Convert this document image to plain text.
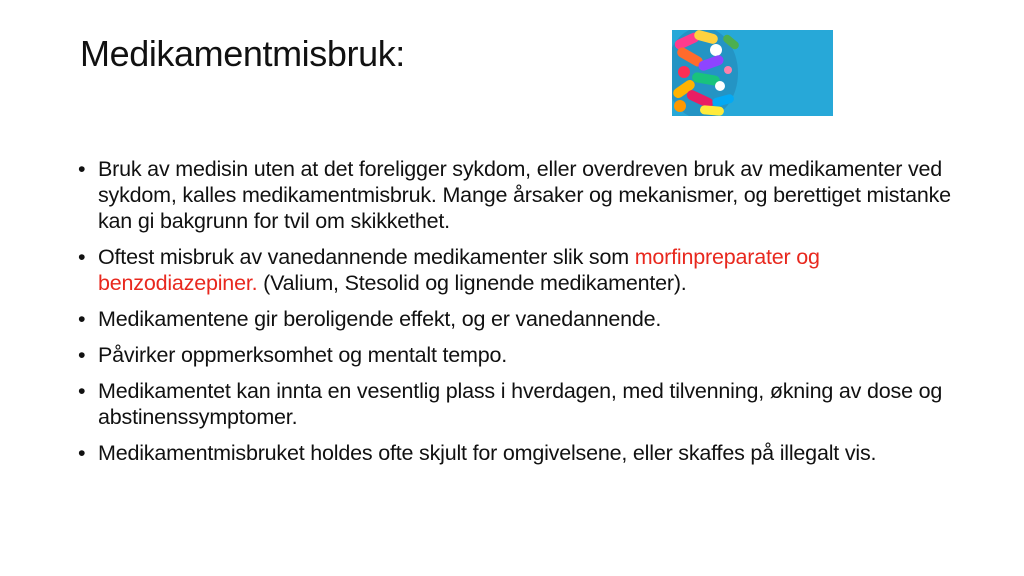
Medikamentmisbruk:
• Bruk av medisin uten at det foreligger sykdom, eller overdreven bruk av medikamenter ved sykdom, kalles medikamentmisbruk. Mange årsaker og mekanismer, og berettiget mistanke kan gi bakgrunn for tvil om skikkethet.
• Oftest misbruk av vanedannende medikamenter slik som morfinpreparater og benzodiazepiner. (Valium, Stesolid og lignende medikamenter).
• Medikamentene gir beroligende effekt, og er vanedannende.
• Påvirker oppmerksomhet og mentalt tempo.
• Medikamentet kan innta en vesentlig plass i hverdagen, med tilvenning, økning av dose og abstinenssymptomer.
• Medikamentmisbruket holdes ofte skjult for omgivelsene, eller skaffes på illegalt vis.
